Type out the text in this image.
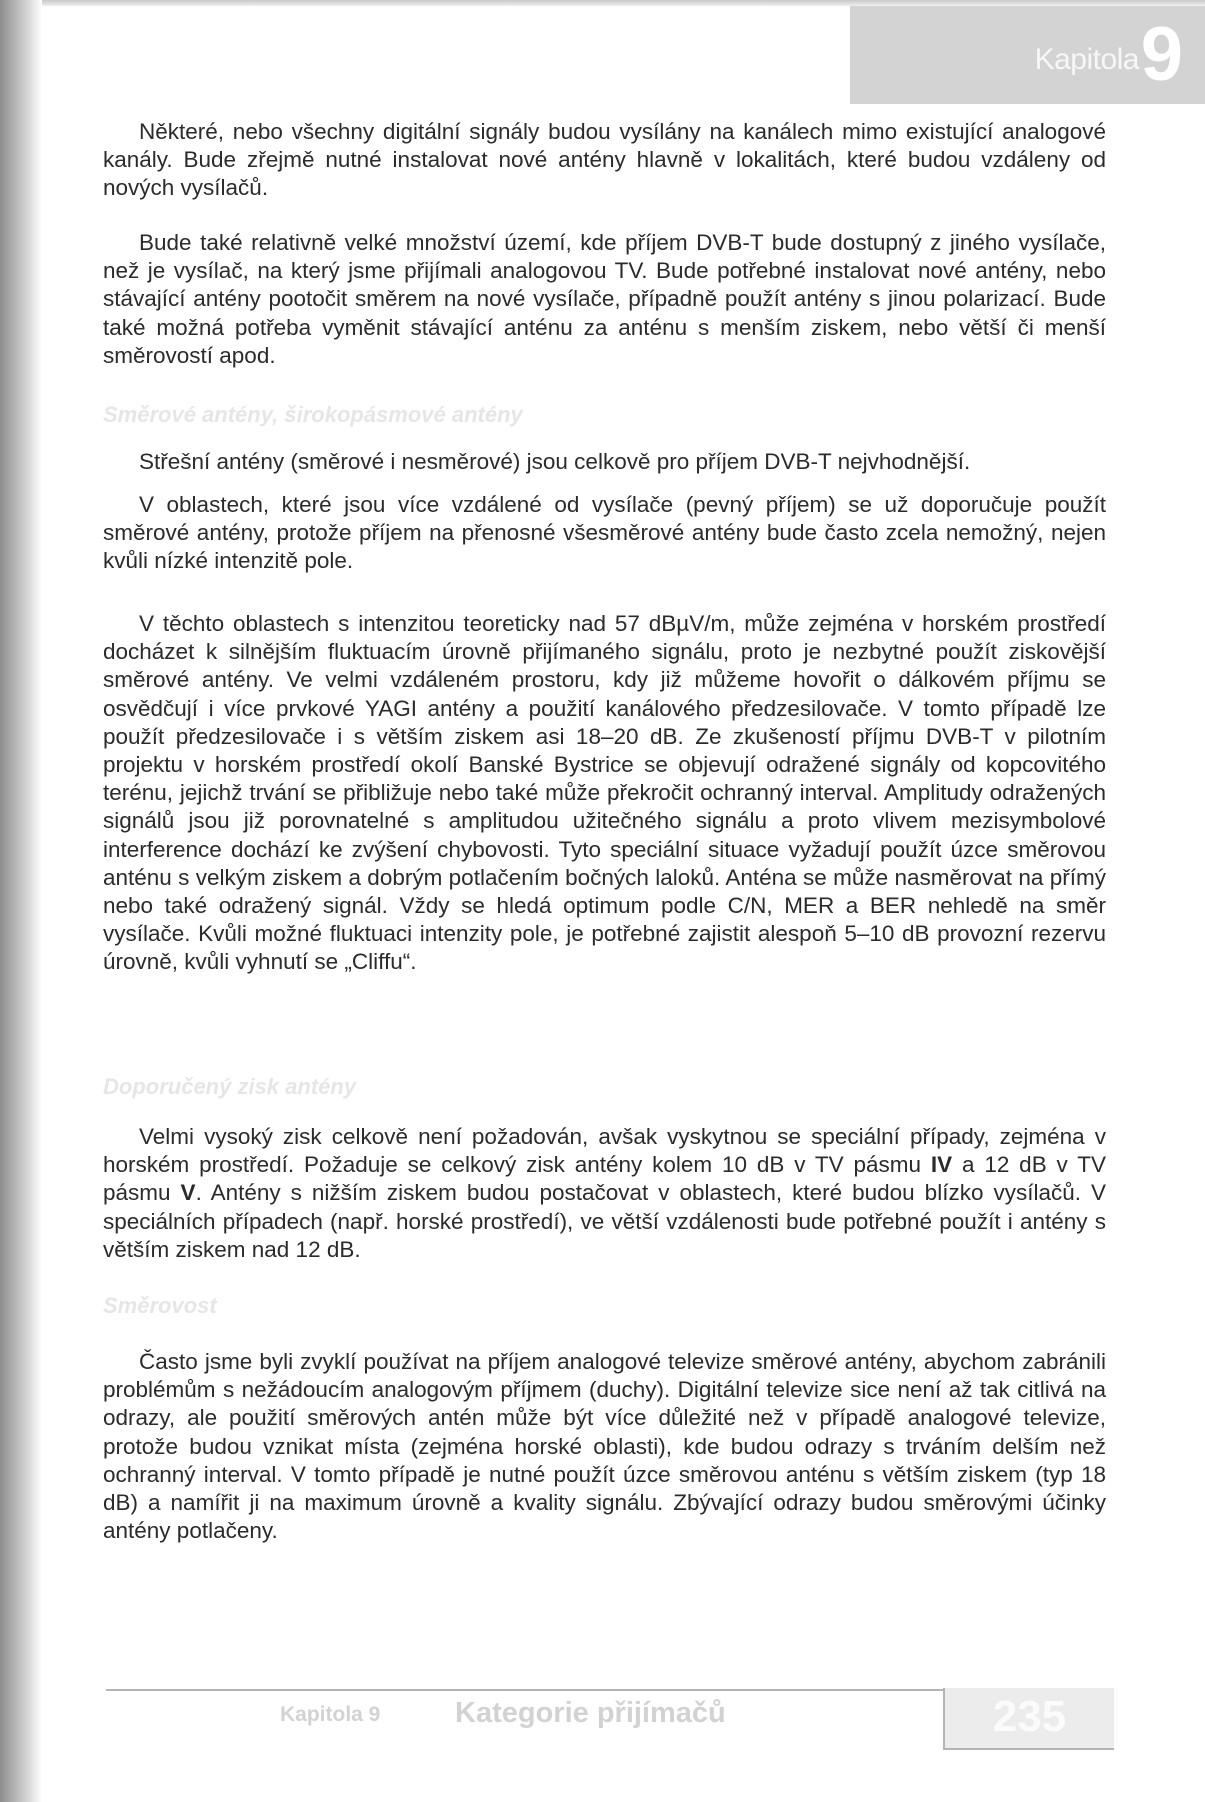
Kapitola 9

Některé, nebo všechny digitální signály budou vysílány na kanálech mimo existující analogové kanály. Bude zřejmě nutné instalovat nové antény hlavně v lokalitách, které budou vzdáleny od nových vysílačů.

Bude také relativně velké množství území, kde příjem DVB-T bude dostupný z jiného vysílače, než je vysílač, na který jsme přijímali analogovou TV. Bude potřebné instalovat nové antény, nebo stávající antény pootočit směrem na nové vysílače, případně použít antény s jinou polarizací. Bude také možná potřeba vyměnit stávající anténu za anténu s menším ziskem, nebo větší či menší směrovostí apod.

Směrové antény, širokopásmové antény

Střešní antény (směrové i nesměrové) jsou celkově pro příjem DVB-T nejvhodnější.

V oblastech, které jsou více vzdálené od vysílače (pevný příjem) se už doporučuje použít směrové antény, protože příjem na přenosné všesměrové antény bude často zcela nemožný, nejen kvůli nízké intenzitě pole.

V těchto oblastech s intenzitou teoreticky nad 57 dBµV/m, může zejména v horském prostředí docházet k silnějším fluktuacím úrovně přijímaného signálu, proto je nezbytné použít ziskovější směrové antény. Ve velmi vzdáleném prostoru, kdy již můžeme hovořit o dálkovém příjmu se osvědčují i více prvkové YAGI antény a použití kanálového předzesilovače. V tomto případě lze použít předzesilovače i s větším ziskem asi 18–20 dB. Ze zkušeností příjmu DVB-T v pilotním projektu v horském prostředí okolí Banské Bystrice se objevují odražené signály od kopcovitého terénu, jejichž trvání se přibližuje nebo také může překročit ochranný interval. Amplitudy odražených signálů jsou již porovnatelné s amplitudou užitečného signálu a proto vlivem mezisymbolové interference dochází ke zvýšení chybovosti. Tyto speciální situace vyžadují použít úzce směrovou anténu s velkým ziskem a dobrým potlačením bočných laloků. Anténa se může nasměrovat na přímý nebo také odražený signál. Vždy se hledá optimum podle C/N, MER a BER nehledě na směr vysílače. Kvůli možné fluktuaci intenzity pole, je potřebné zajistit alespoň 5–10 dB provozní rezervu úrovně, kvůli vyhnutí se „Cliffu“.

Doporučený zisk antény

Velmi vysoký zisk celkově není požadován, avšak vyskytnou se speciální případy, zejména v horském prostředí. Požaduje se celkový zisk antény kolem 10 dB v TV pásmu IV a 12 dB v TV pásmu V. Antény s nižším ziskem budou postačovat v oblastech, které budou blízko vysílačů. V speciálních případech (např. horské prostředí), ve větší vzdálenosti bude potřebné použít i antény s větším ziskem nad 12 dB.

Směrovost

Často jsme byli zvyklí používat na příjem analogové televize směrové antény, abychom zabránili problémům s nežádoucím analogovým příjmem (duchy). Digitální televize sice není až tak citlivá na odrazy, ale použití směrových antén může být více důležité než v případě analogové televize, protože budou vznikat místa (zejména horské oblasti), kde budou odrazy s trváním delším než ochranný interval. V tomto případě je nutné použít úzce směrovou anténu s větším ziskem (typ 18 dB) a namířit ji na maximum úrovně a kvality signálu. Zbývající odrazy budou směrovými účinky antény potlačeny.

Kapitola 9	Kategorie přijímačů	235
